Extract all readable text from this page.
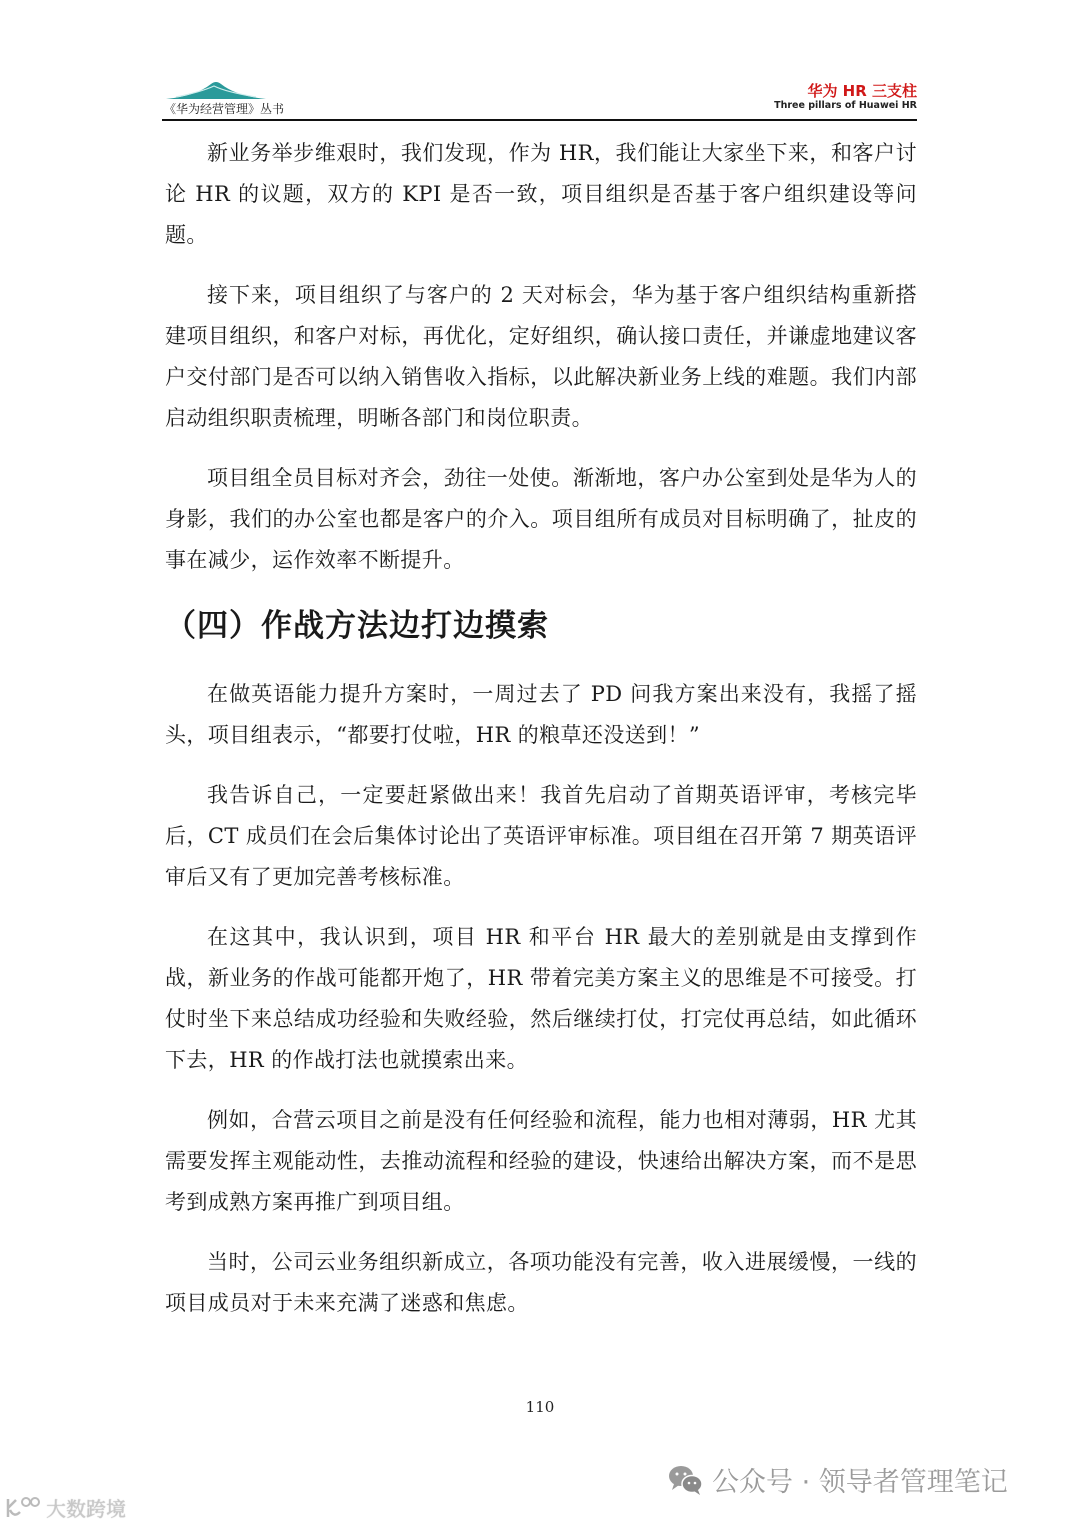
《华为经营管理》丛书
华为 HR 三支柱
Three pillars of Huawei HR

新业务举步维艰时，我们发现，作为 HR，我们能让大家坐下来，和客户讨论 HR 的议题，双方的 KPI 是否一致，项目组织是否基于客户组织建设等问题。

接下来，项目组织了与客户的 2 天对标会，华为基于客户组织结构重新搭建项目组织，和客户对标，再优化，定好组织，确认接口责任，并谦虚地建议客户交付部门是否可以纳入销售收入指标，以此解决新业务上线的难题。我们内部启动组织职责梳理，明晰各部门和岗位职责。

项目组全员目标对齐会，劲往一处使。渐渐地，客户办公室到处是华为人的身影，我们的办公室也都是客户的介入。项目组所有成员对目标明确了，扯皮的事在减少，运作效率不断提升。

（四）作战方法边打边摸索

在做英语能力提升方案时，一周过去了 PD 问我方案出来没有，我摇了摇头，项目组表示，“都要打仗啦，HR 的粮草还没送到！”

我告诉自己，一定要赶紧做出来！我首先启动了首期英语评审，考核完毕后，CT 成员们在会后集体讨论出了英语评审标准。项目组在召开第 7 期英语评审后又有了更加完善考核标准。

在这其中，我认识到，项目 HR 和平台 HR 最大的差别就是由支撑到作战，新业务的作战可能都开炮了，HR 带着完美方案主义的思维是不可接受。打仗时坐下来总结成功经验和失败经验，然后继续打仗，打完仗再总结，如此循环下去，HR 的作战打法也就摸索出来。

例如，合营云项目之前是没有任何经验和流程，能力也相对薄弱，HR 尤其需要发挥主观能动性，去推动流程和经验的建设，快速给出解决方案，而不是思考到成熟方案再推广到项目组。

当时，公司云业务组织新成立，各项功能没有完善，收入进展缓慢，一线的项目成员对于未来充满了迷惑和焦虑。

110
公众号 · 领导者管理笔记
大数跨境
